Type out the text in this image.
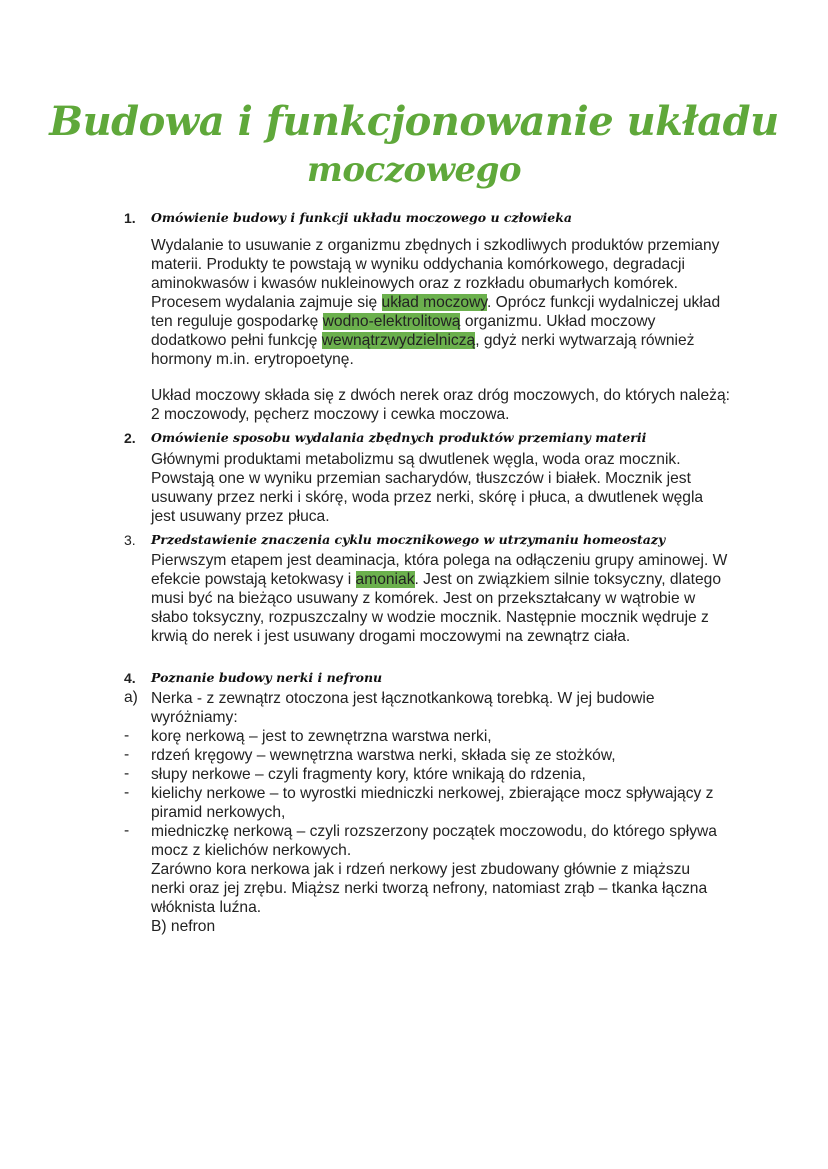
Budowa i funkcjonowanie układu
moczowego
1.	Omówienie budowy i funkcji układu moczowego u człowieka
Wydalanie to usuwanie z organizmu zbędnych i szkodliwych produktów przemiany materii. Produkty te powstają w wyniku oddychania komórkowego, degradacji aminokwasów i kwasów nukleinowych oraz z rozkładu obumarłych komórek. Procesem wydalania zajmuje się układ moczowy. Oprócz funkcji wydalniczej układ ten reguluje gospodarkę wodno-elektrolitową organizmu. Układ moczowy dodatkowo pełni funkcję wewnątrzwydzielniczą, gdyż nerki wytwarzają również hormony m.in. erytropoetynę.
Układ moczowy składa się z dwóch nerek oraz dróg moczowych, do których należą: 2 moczowody, pęcherz moczowy i cewka moczowa.
2.	Omówienie sposobu wydalania zbędnych produktów przemiany materii
Głównymi produktami metabolizmu są dwutlenek węgla, woda oraz mocznik. Powstają one w wyniku przemian sacharydów, tłuszczów i białek. Mocznik jest usuwany przez nerki i skórę, woda przez nerki, skórę i płuca, a dwutlenek węgla jest usuwany przez płuca.
3.	Przedstawienie znaczenia cyklu mocznikowego w utrzymaniu homeostazy
Pierwszym etapem jest deaminacja, która polega na odłączeniu grupy aminowej. W efekcie powstają ketokwasy i amoniak. Jest on związkiem silnie toksyczny, dlatego musi być na bieżąco usuwany z komórek. Jest on przekształcany w wątrobie w słabo toksyczny, rozpuszczalny w wodzie mocznik. Następnie mocznik wędruje z krwią do nerek i jest usuwany drogami moczowymi na zewnątrz ciała.
4.	Poznanie budowy nerki i nefronu
a) Nerka - z zewnątrz otoczona jest łącznotkankową torebką. W jej budowie wyróżniamy:
- korę nerkową – jest to zewnętrzna warstwa nerki,
- rdzeń kręgowy – wewnętrzna warstwa nerki, składa się ze stożków,
- słupy nerkowe – czyli fragmenty kory, które wnikają do rdzenia,
- kielichy nerkowe – to wyrostki miedniczki nerkowej, zbierające mocz spływający z piramid nerkowych,
- miedniczkę nerkową – czyli rozszerzony początek moczowodu, do którego spływa mocz z kielichów nerkowych.
Zarówno kora nerkowa jak i rdzeń nerkowy jest zbudowany głównie z miąższu nerki oraz jej zrębu. Miąższ nerki tworzą nefrony, natomiast zrąb – tkanka łączna włóknista luźna.
B) nefron
